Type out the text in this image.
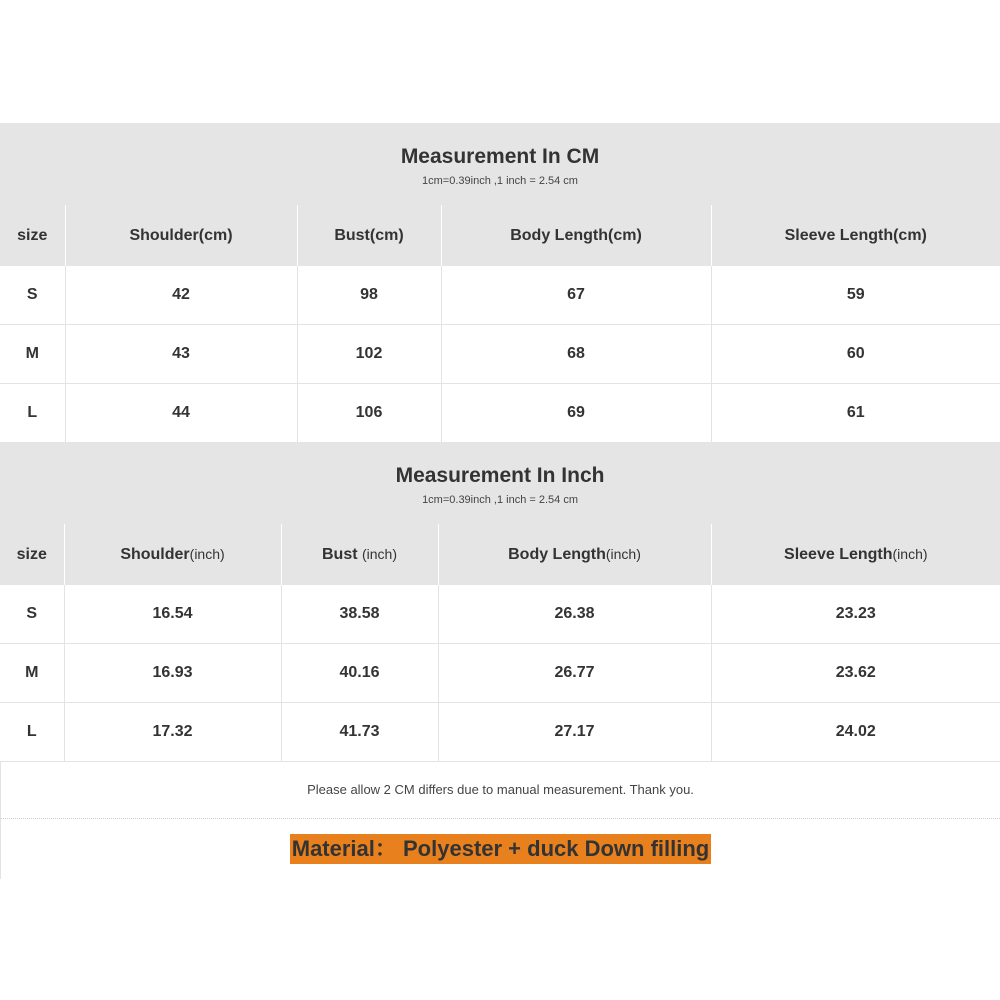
Measurement In CM
1cm=0.39inch ,1 inch = 2.54 cm				

size	Shoulder(cm)	Bust(cm)	Body Length(cm)	Sleeve Length(cm)
S	42	98	67	59
M	43	102	68	60
L	44	106	69	61
Measurement In Inch
1cm=0.39inch ,1 inch = 2.54 cm				

size	Shoulder(inch)	Bust (inch)	Body Length(inch)	Sleeve Length(inch)
S	16.54	38.58	26.38	23.23
M	16.93	40.16	26.77	23.62
L	17.32	41.73	27.17	24.02
Please allow 2 CM differs due to manual measurement. Thank you.
Material： Polyester + duck Down filling
